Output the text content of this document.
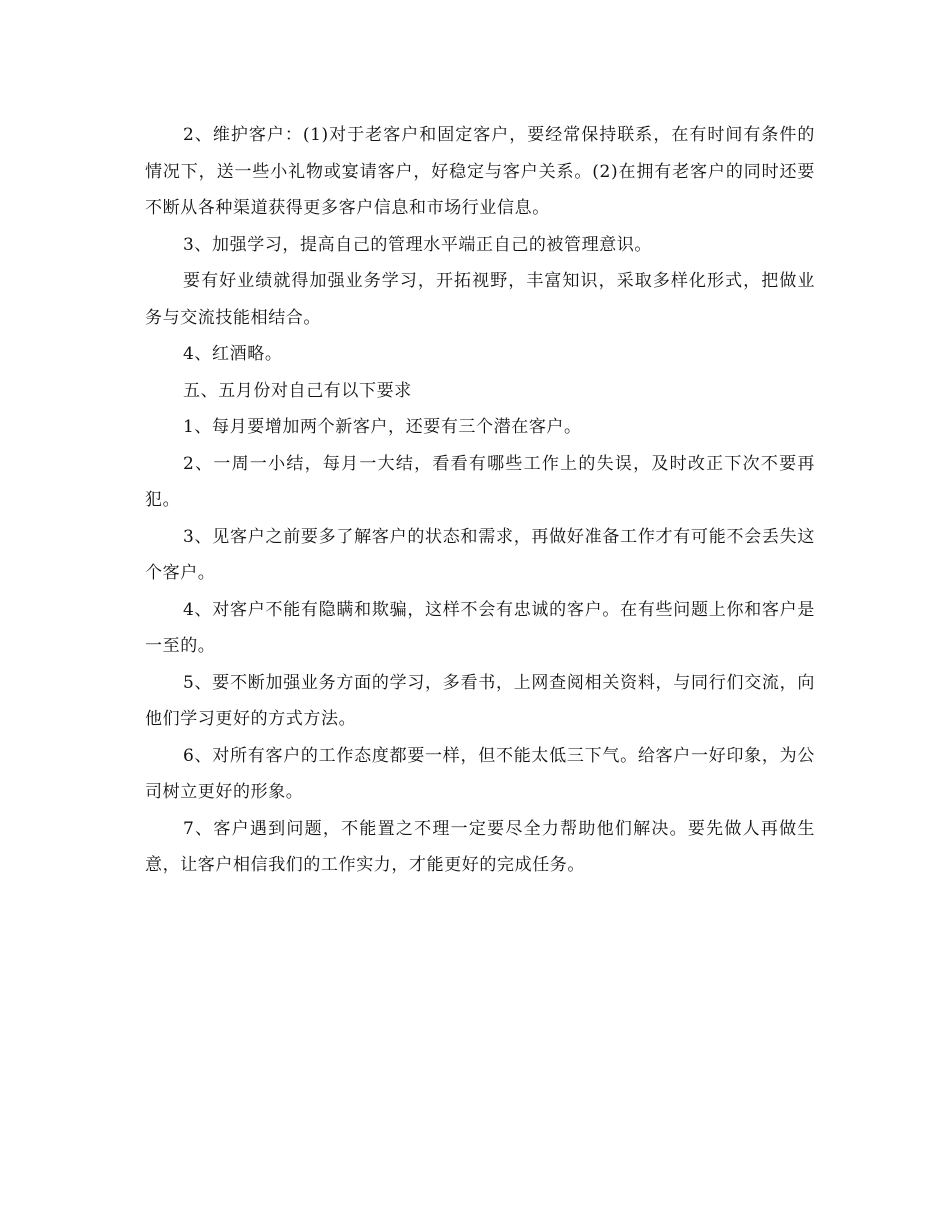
2、维护客户：(1)对于老客户和固定客户，要经常保持联系，在有时间有条件的情况下，送一些小礼物或宴请客户，好稳定与客户关系。(2)在拥有老客户的同时还要不断从各种渠道获得更多客户信息和市场行业信息。

3、加强学习，提高自己的管理水平端正自己的被管理意识。

要有好业绩就得加强业务学习，开拓视野，丰富知识，采取多样化形式，把做业务与交流技能相结合。

4、红酒略。

五、五月份对自己有以下要求

1、每月要增加两个新客户，还要有三个潜在客户。

2、一周一小结，每月一大结，看看有哪些工作上的失误，及时改正下次不要再犯。

3、见客户之前要多了解客户的状态和需求，再做好准备工作才有可能不会丢失这个客户。

4、对客户不能有隐瞒和欺骗，这样不会有忠诚的客户。在有些问题上你和客户是一至的。

5、要不断加强业务方面的学习，多看书，上网查阅相关资料，与同行们交流，向他们学习更好的方式方法。

6、对所有客户的工作态度都要一样，但不能太低三下气。给客户一好印象，为公司树立更好的形象。

7、客户遇到问题，不能置之不理一定要尽全力帮助他们解决。要先做人再做生意，让客户相信我们的工作实力，才能更好的完成任务。
